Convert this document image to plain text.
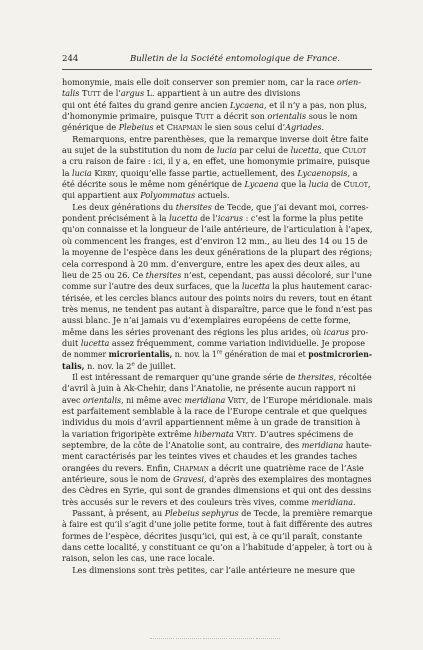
244	Bulletin de la Société entomologique de France.
homonymie, mais elle doit conserver son premier nom, car la race orien-
talis Tutt de l’argus L. appartient à un autre des divisions
qui ont été faites du grand genre ancien Lycaena, et il n’y a pas, non plus,
d’homonymie primaire, puisque Tutt a décrit son orientalis sous le nom
générique de Plebeius et Chapman le sien sous celui d’Agriades.
Remarquons, entre parenthèses, que la remarque inverse doit être faite
au sujet de la substitution du nom de lucia par celui de lucetta, que Culot
a cru raison de faire : ici, il y a, en effet, une homonymie primaire, puisque
la lucia Kirby, quoiqu’elle fasse partie, actuellement, des Lycaenopsis, a
été décrite sous le même nom générique de Lycaena que la lucia de Culot,
qui appartient aux Polyommatus actuels.
Les deux générations du thersites de Tecde, que j’ai devant moi, corres-
pondent précisément à la lucetta de l’icarus : c’est la forme la plus petite
qu’on connaisse et la longueur de l’aile antérieure, de l’articulation à l’apex,
où commencent les franges, est d’environ 12 mm., au lieu des 14 ou 15 de
la moyenne de l’espèce dans les deux générations de la plupart des régions;
cela correspond à 20 mm. d’envergure, entre les apex des deux ailes, au
lieu de 25 ou 26. Ce thersites n’est, cependant, pas aussi décoloré, sur l’une
comme sur l’autre des deux surfaces, que la lucetta la plus hautement carac-
térisée, et les cercles blancs autour des points noirs du revers, tout en étant
très menus, ne tendent pas autant à disparaître, parce que le fond n’est pas
aussi blanc. Je n’ai jamais vu d’exemplaires européens de cette forme,
même dans les séries provenant des régions les plus arides, où icarus pro-
duit lucetta assez fréquemment, comme variation individuelle. Je propose
de nommer microrientalis, n. nov. la 1re génération de mai et postmicrorien-
talis, n. nov. la 2e de juillet.
Il est intéressant de remarquer qu’une grande série de thersites, récoltée
d’avril à juin à Ak-Chehir, dans l’Anatolie, ne présente aucun rapport ni
avec orientalis, ni même avec meridiana Vrty, de l’Europe méridionale. mais
est parfaitement semblable à la race de l’Europe centrale et que quelques
individus du mois d’avril appartiennent même à un grade de transition à
la variation frigoripète extrême hibernata Vrty. D’autres spécimens de
septembre, de la côte de l’Anatolie sont, au contraire, des meridiana haute-
ment caractérisés par les teintes vives et chaudes et les grandes taches
orangées du revers. Enfin, Chapman a décrit une quatrième race de l’Asie
antérieure, sous le nom de Gravesi, d’après des exemplaires des montagnes
des Cèdres en Syrie, qui sont de grandes dimensions et qui ont des dessins
très accusés sur le revers et des couleurs très vives, comme meridiana.
Passant, à présent, au Plebeius sephyrus de Tecde, la première remarque
à faire est qu’il s’agit d’une jolie petite forme, tout à fait différente des autres
formes de l’espèce, décrites jusqu’ici, qui est, à ce qu’il paraît, constante
dans cette localité, y constituant ce qu’on a l’habitude d’appeler, à tort ou à
raison, selon les cas, une race locale.
Les dimensions sont très petites, car l’aile antérieure ne mesure que
